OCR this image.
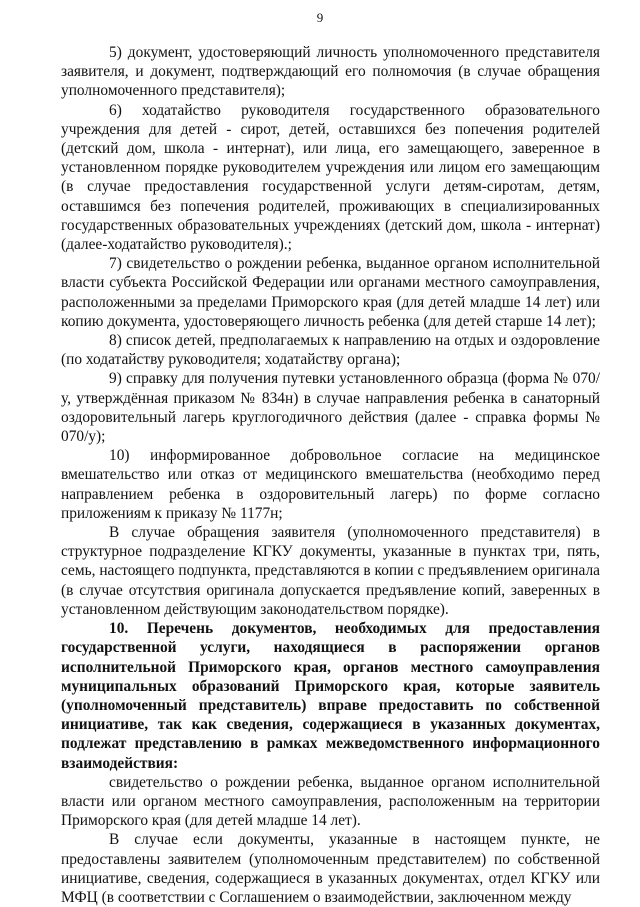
9

5) документ, удостоверяющий личность уполномоченного представителя заявителя, и документ, подтверждающий его полномочия (в случае обращения уполномоченного представителя);

6) ходатайство руководителя государственного образовательного учреждения для детей - сирот, детей, оставшихся без попечения родителей (детский дом, школа - интернат), или лица, его замещающего, заверенное в установленном порядке руководителем учреждения или лицом его замещающим (в случае предоставления государственной услуги детям-сиротам, детям, оставшимся без попечения родителей, проживающих в специализированных государственных образовательных учреждениях (детский дом, школа - интернат) (далее-ходатайство руководителя).;

7) свидетельство о рождении ребенка, выданное органом исполнительной власти субъекта Российской Федерации или органами местного самоуправления, расположенными за пределами Приморского края (для детей младше 14 лет) или копию документа, удостоверяющего личность ребенка (для детей старше 14 лет);

8) список детей, предполагаемых к направлению на отдых и оздоровление (по ходатайству руководителя; ходатайству органа);

9) справку для получения путевки установленного образца (форма № 070/у, утверждённая приказом № 834н) в случае направления ребенка в санаторный оздоровительный лагерь круглогодичного действия (далее - справка формы № 070/у);

10) информированное добровольное согласие на медицинское вмешательство или отказ от медицинского вмешательства (необходимо перед направлением ребенка в оздоровительный лагерь) по форме согласно приложениям к приказу № 1177н;

В случае обращения заявителя (уполномоченного представителя) в структурное подразделение КГКУ документы, указанные в пунктах три, пять, семь, настоящего подпункта, представляются в копии с предъявлением оригинала (в случае отсутствия оригинала допускается предъявление копий, заверенных в установленном действующим законодательством порядке).

10. Перечень документов, необходимых для предоставления государственной услуги, находящиеся в распоряжении органов исполнительной Приморского края, органов местного самоуправления муниципальных образований Приморского края, которые заявитель (уполномоченный представитель) вправе предоставить по собственной инициативе, так как сведения, содержащиеся в указанных документах, подлежат представлению в рамках межведомственного информационного взаимодействия:

свидетельство о рождении ребенка, выданное органом исполнительной власти или органом местного самоуправления, расположенным на территории Приморского края (для детей младше 14 лет).

В случае если документы, указанные в настоящем пункте, не предоставлены заявителем (уполномоченным представителем) по собственной инициативе, сведения, содержащиеся в указанных документах, отдел КГКУ или МФЦ (в соответствии с Соглашением о взаимодействии, заключенном между
